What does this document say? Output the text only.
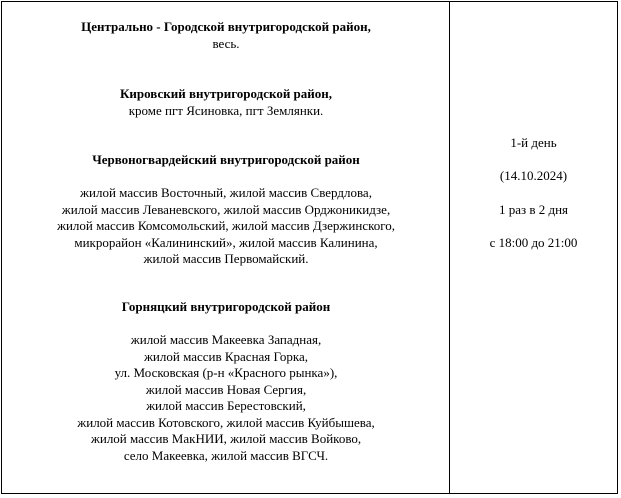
Центрально - Городской внутригородской район,
весь.
Кировский внутригородской район,
кроме пгт Ясиновка, пгт Землянки.
Червоногвардейский внутригородской район
жилой массив Восточный, жилой массив Свердлова,
жилой массив Леваневского, жилой массив Орджоникидзе,
жилой массив Комсомольский, жилой массив Дзержинского,
микрорайон «Калининский», жилой массив Калинина,
жилой массив Первомайский.
Горняцкий внутригородской район
жилой массив Макеевка Западная,
жилой массив Красная Горка,
ул. Московская (р-н «Красного рынка»),
жилой массив Новая Сергия,
жилой массив Берестовский,
жилой массив Котовского, жилой массив Куйбышева,
жилой массив МакНИИ, жилой массив Войково,
село Макеевка, жилой массив ВГСЧ.
1-й день
(14.10.2024)
1 раз в 2 дня
с 18:00 до 21:00
